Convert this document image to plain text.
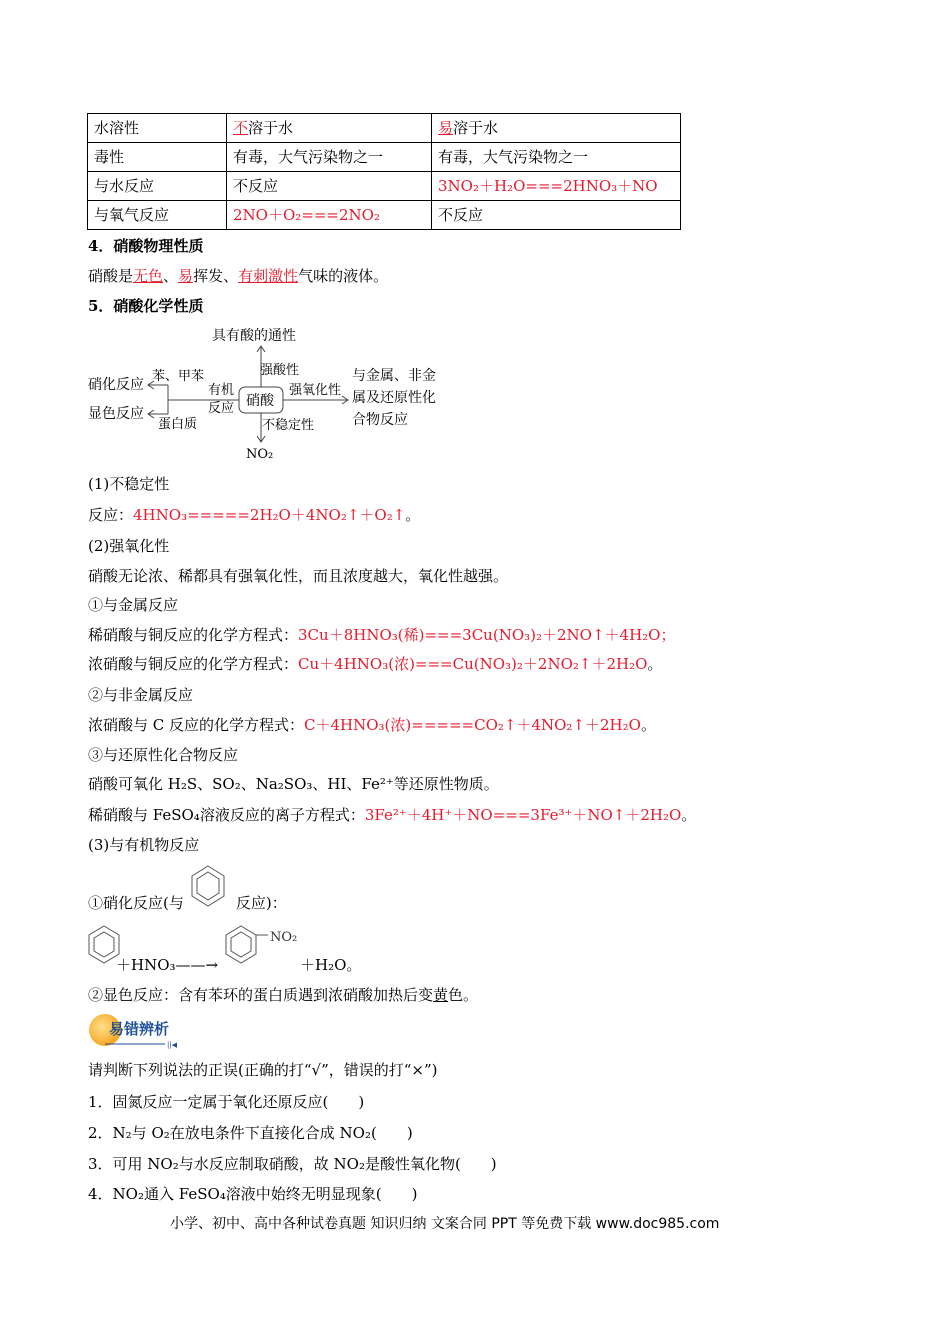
水溶性	不溶于水	易溶于水
毒性	有毒，大气污染物之一	有毒，大气污染物之一
与水反应	不反应	3NO₂＋H₂O===2HNO₃＋NO
与氧气反应	2NO＋O₂===2NO₂	不反应
4．硝酸物理性质
硝酸是无色、易挥发、有刺激性气味的液体。
5．硝酸化学性质
具有酸的通性
硝酸
强酸性
强氧化性
与金属、非金
属及还原性化
合物反应
不稳定性
NO₂
有机
反应
苯、甲苯
硝化反应
蛋白质
显色反应
(1)不稳定性
反应：4HNO₃=====2H₂O＋4NO₂↑＋O₂↑。
(2)强氧化性
硝酸无论浓、稀都具有强氧化性，而且浓度越大，氧化性越强。
①与金属反应
稀硝酸与铜反应的化学方程式：3Cu＋8HNO₃(稀)===3Cu(NO₃)₂＋2NO↑＋4H₂O；
浓硝酸与铜反应的化学方程式：Cu＋4HNO₃(浓)===Cu(NO₃)₂＋2NO₂↑＋2H₂O。
②与非金属反应
浓硝酸与 C 反应的化学方程式：C＋4HNO₃(浓)=====CO₂↑＋4NO₂↑＋2H₂O。
③与还原性化合物反应
硝酸可氧化 H₂S、SO₂、Na₂SO₃、HI、Fe²⁺等还原性物质。
稀硝酸与 FeSO₄溶液反应的离子方程式：3Fe²⁺＋4H⁺＋NO===3Fe³⁺＋NO↑＋2H₂O。
(3)与有机物反应
①硝化反应(与	反应)：
＋HNO₃——→
NO₂
＋H₂O。
②显色反应：含有苯环的蛋白质遇到浓硝酸加热后变黄色。
||◀
易错辨析
请判断下列说法的正误(正确的打“√”，错误的打“×”)
1．固氮反应一定属于氧化还原反应(　　)
2．N₂与 O₂在放电条件下直接化合成 NO₂(　　)
3．可用 NO₂与水反应制取硝酸，故 NO₂是酸性氧化物(　　)
4．NO₂通入 FeSO₄溶液中始终无明显现象(　　)
小学、初中、高中各种试卷真题 知识归纳 文案合同 PPT 等免费下载 www.doc985.com
